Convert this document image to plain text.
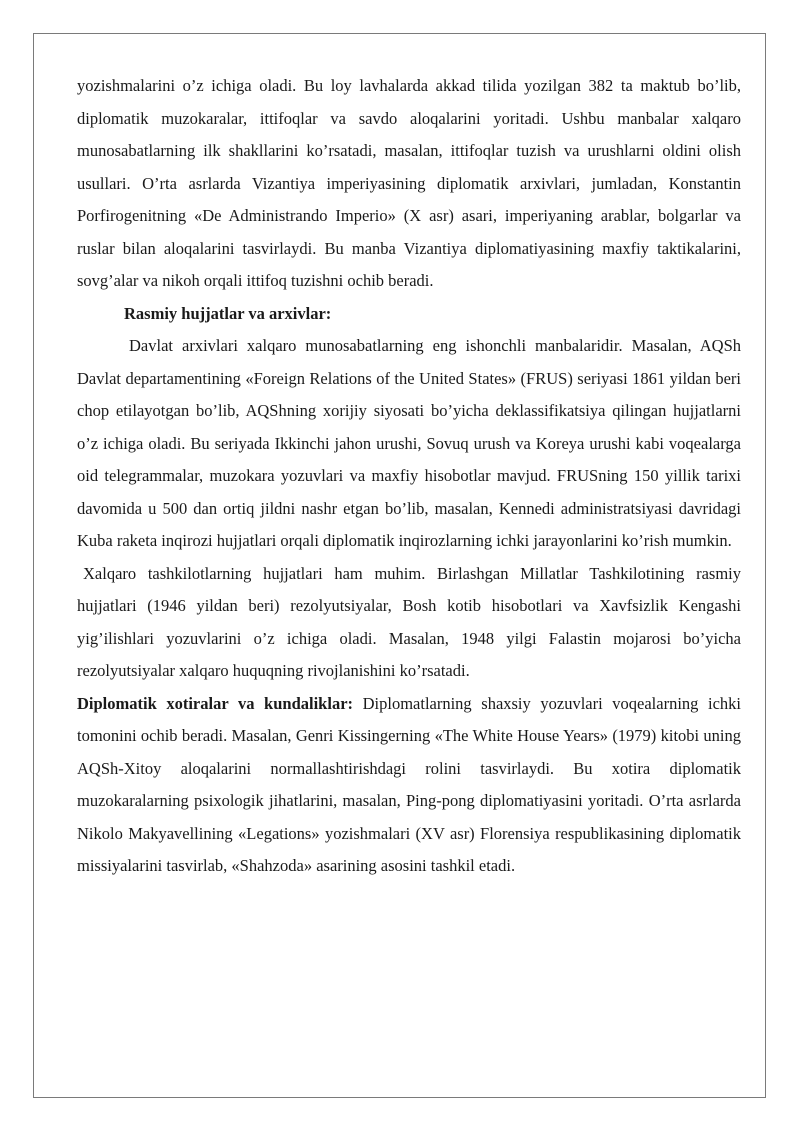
yozishmalarini o’z ichiga oladi. Bu loy lavhalarda akkad tilida yozilgan 382 ta maktub bo’lib, diplomatik muzokaralar, ittifoqlar va savdo aloqalarini yoritadi. Ushbu manbalar xalqaro munosabatlarning ilk shakllarini ko’rsatadi, masalan, ittifoqlar tuzish va urushlarni oldini olish usullari. O’rta asrlarda Vizantiya imperiyasining diplomatik arxivlari, jumladan, Konstantin Porfirogenitning «De Administrando Imperio» (X asr) asari, imperiyaning arablar, bolgarlar va ruslar bilan aloqalarini tasvirlaydi. Bu manba Vizantiya diplomatiyasining maxfiy taktikalarini, sovg’alar va nikoh orqali ittifoq tuzishni ochib beradi.

Rasmiy hujjatlar va arxivlar:

Davlat arxivlari xalqaro munosabatlarning eng ishonchli manbalaridir. Masalan, AQSh Davlat departamentining «Foreign Relations of the United States» (FRUS) seriyasi 1861 yildan beri chop etilayotgan bo’lib, AQShning xorijiy siyosati bo’yicha deklassifikatsiya qilingan hujjatlarni o’z ichiga oladi. Bu seriyada Ikkinchi jahon urushi, Sovuq urush va Koreya urushi kabi voqealarga oid telegrammalar, muzokara yozuvlari va maxfiy hisobotlar mavjud. FRUSning 150 yillik tarixi davomida u 500 dan ortiq jildni nashr etgan bo’lib, masalan, Kennedi administratsiyasi davridagi Kuba raketa inqirozi hujjatlari orqali diplomatik inqirozlarning ichki jarayonlarini ko’rish mumkin.

Xalqaro tashkilotlarning hujjatlari ham muhim. Birlashgan Millatlar Tashkilotining rasmiy hujjatlari (1946 yildan beri) rezolyutsiyalar, Bosh kotib hisobotlari va Xavfsizlik Kengashi yig’ilishlari yozuvlarini o’z ichiga oladi. Masalan, 1948 yilgi Falastin mojarosi bo’yicha rezolyutsiyalar xalqaro huquqning rivojlanishini ko’rsatadi.

Diplomatik xotiralar va kundaliklar: Diplomatlarning shaxsiy yozuvlari voqealarning ichki tomonini ochib beradi. Masalan, Genri Kissingerning «The White House Years» (1979) kitobi uning AQSh-Xitoy aloqalarini normallashtirishdagi rolini tasvirlaydi. Bu xotira diplomatik muzokaralarning psixologik jihatlarini, masalan, Ping-pong diplomatiyasini yoritadi. O’rta asrlarda Nikolo Makyavellining «Legations» yozishmalari (XV asr) Florensiya respublikasining diplomatik missiyalarini tasvirlab, «Shahzoda» asarining asosini tashkil etadi.
